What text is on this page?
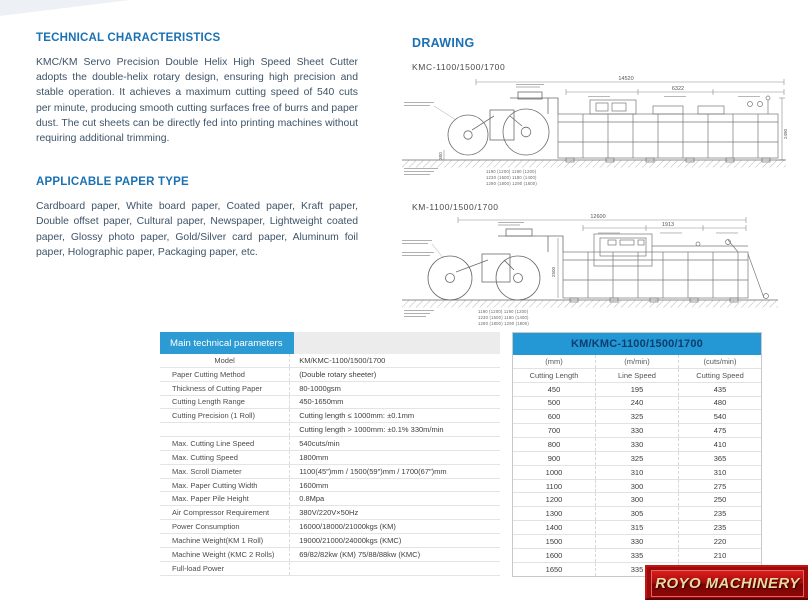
TECHNICAL CHARACTERISTICS

KMC/KM Servo Precision Double Helix High Speed Sheet Cutter adopts the double-helix rotary design, ensuring high precision and stable operation. It achieves a maximum cutting speed of 540 cuts per minute, producing smooth cutting surfaces free of burrs and paper dust. The cut sheets can be directly fed into printing machines without requiring additional trimming.

APPLICABLE PAPER TYPE

Cardboard paper, White board paper, Coated paper, Kraft paper, Double offset paper, Cultural paper, Newspaper, Lightweight coated paper, Glossy photo paper, Gold/Silver card paper, Aluminum foil paper, Holographic paper, Packaging paper, etc.

DRAWING
KMC-1100/1500/1700
KM-1100/1500/1700
14520
6322
2490
300
1190 (1200) 1190 (1200)
1230 (1500) 1180 (1400)
1290 (1800) 1290 (1800)
12600
1913
2500
1190 (1200) 1190 (1200)
1230 (1500) 1180 (1400)
1290 (1800) 1290 (1800)
Main technical parameters
Model	KM/KMC-1100/1500/1700
Paper Cutting Method	(Double rotary sheeter)
Thickness of Cutting Paper	80-1000gsm
Cutting Length Range	450-1650mm
Cutting Precision (1 Roll)	Cutting length ≤ 1000mm: ±0.1mm
Cutting length > 1000mm: ±0.1% 330m/min
Max. Cutting Line Speed	540cuts/min
Max. Cutting Speed	1800mm
Max. Scroll Diameter	1100(45″)mm / 1500(59″)mm / 1700(67″)mm
Max. Paper Cutting Width	1600mm
Max. Paper Pile Height	0.8Mpa
Air Compressor Requirement	380V/220V×50Hz
Power Consumption	16000/18000/21000kgs (KM)
Machine Weight(KM 1 Roll)	19000/21000/24000kgs (KMC)
Machine Weight (KMC 2 Rolls)	69/82/82kw (KM) 75/88/88kw (KMC)
Full-load Power
KM/KMC-1100/1500/1700
(mm)	(m/min)	(cuts/min)
Cutting Length	Line Speed	Cutting Speed
450	195	435
500	240	480
600	325	540
700	330	475
800	330	410
900	325	365
1000	310	310
1100	300	275
1200	300	250
1300	305	235
1400	315	235
1500	330	220
1600	335	210
1650	335
ROYO MACHINERY
